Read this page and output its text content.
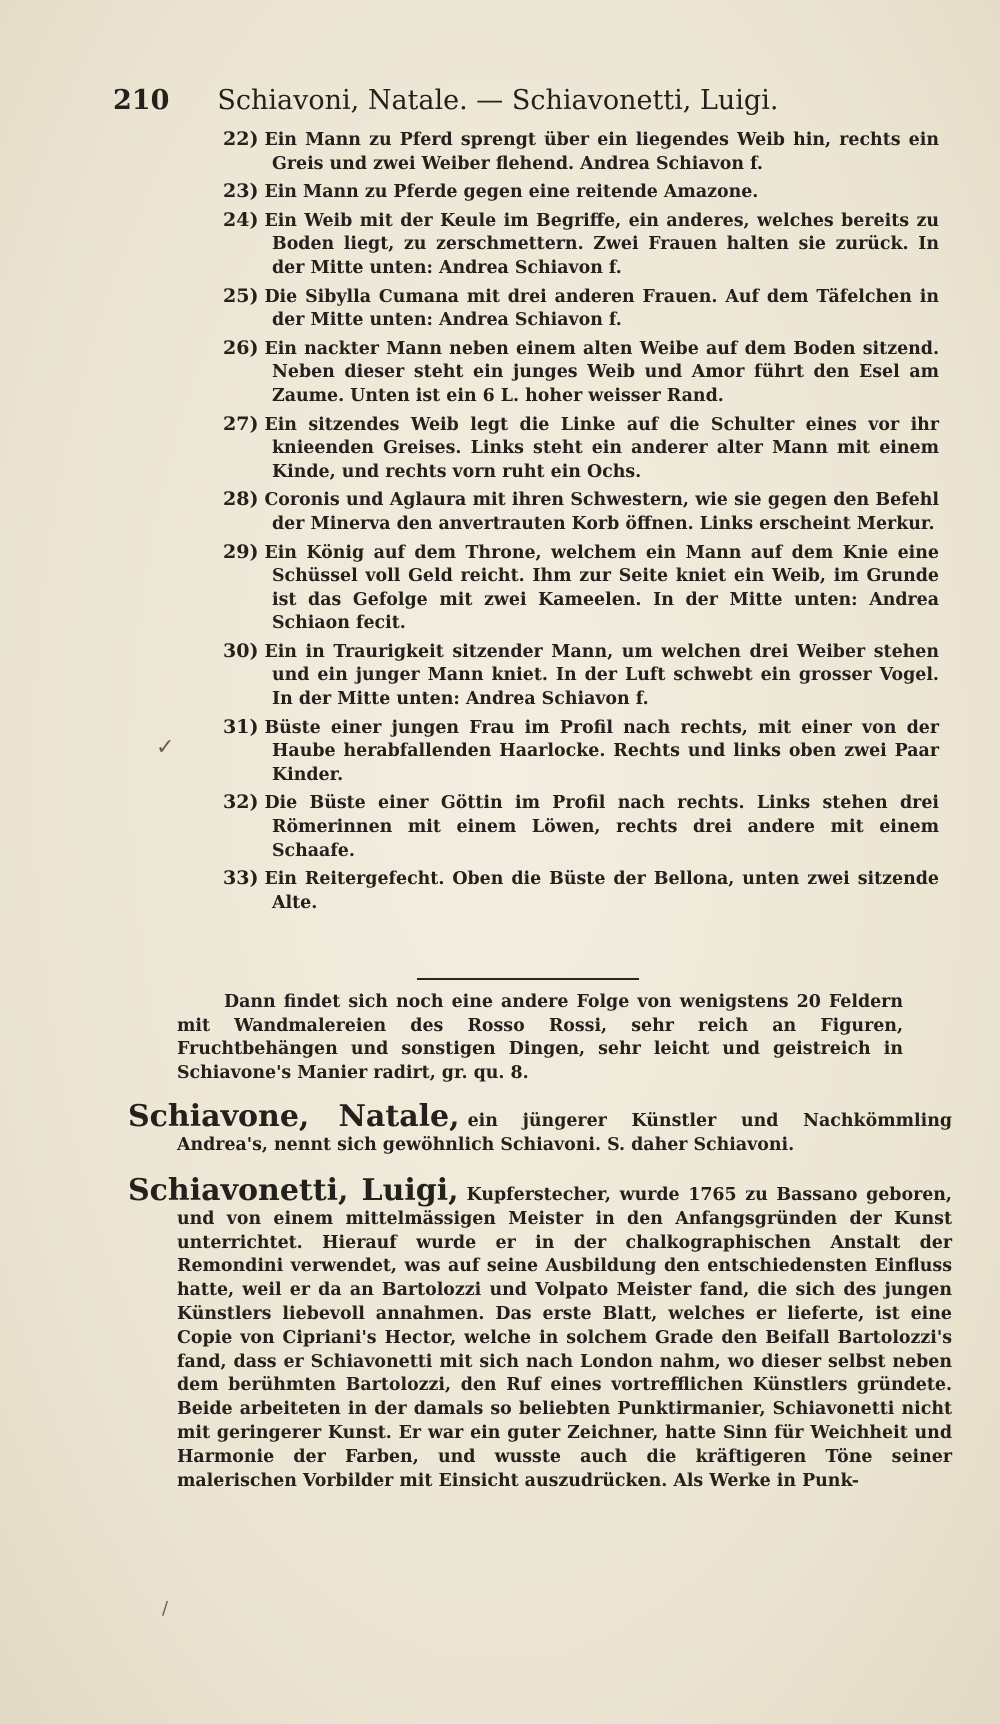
210 Schiavoni, Natale. — Schiavonetti, Luigi.
22) Ein Mann zu Pferd sprengt über ein liegendes Weib hin, rechts ein Greis und zwei Weiber flehend. Andrea Schiavon f.
23) Ein Mann zu Pferde gegen eine reitende Amazone.
24) Ein Weib mit der Keule im Begriffe, ein anderes, welches bereits zu Boden liegt, zu zerschmettern. Zwei Frauen halten sie zurück. In der Mitte unten: Andrea Schiavon f.
25) Die Sibylla Cumana mit drei anderen Frauen. Auf dem Täfelchen in der Mitte unten: Andrea Schiavon f.
26) Ein nackter Mann neben einem alten Weibe auf dem Boden sitzend. Neben dieser steht ein junges Weib und Amor führt den Esel am Zaume. Unten ist ein 6 L. hoher weisser Rand.
27) Ein sitzendes Weib legt die Linke auf die Schulter eines vor ihr knieenden Greises. Links steht ein anderer alter Mann mit einem Kinde, und rechts vorn ruht ein Ochs.
28) Coronis und Aglaura mit ihren Schwestern, wie sie gegen den Befehl der Minerva den anvertrauten Korb öffnen. Links erscheint Merkur.
29) Ein König auf dem Throne, welchem ein Mann auf dem Knie eine Schüssel voll Geld reicht. Ihm zur Seite kniet ein Weib, im Grunde ist das Gefolge mit zwei Kameelen. In der Mitte unten: Andrea Schiaon fecit.
30) Ein in Traurigkeit sitzender Mann, um welchen drei Weiber stehen und ein junger Mann kniet. In der Luft schwebt ein grosser Vogel. In der Mitte unten: Andrea Schiavon f.
31) Büste einer jungen Frau im Profil nach rechts, mit einer von der Haube herabfallenden Haarlocke. Rechts und links oben zwei Paar Kinder.
32) Die Büste einer Göttin im Profil nach rechts. Links stehen drei Römerinnen mit einem Löwen, rechts drei andere mit einem Schaafe.
33) Ein Reitergefecht. Oben die Büste der Bellona, unten zwei sitzende Alte.
Dann findet sich noch eine andere Folge von wenigstens 20 Feldern mit Wandmalereien des Rosso Rossi, sehr reich an Figuren, Fruchtbehängen und sonstigen Dingen, sehr leicht und geistreich in Schiavone's Manier radirt, gr. qu. 8.
Schiavone, Natale, ein jüngerer Künstler und Nachkömmling Andrea's, nennt sich gewöhnlich Schiavoni. S. daher Schiavoni.
Schiavonetti, Luigi, Kupferstecher, wurde 1765 zu Bassano geboren, und von einem mittelmässigen Meister in den Anfangsgründen der Kunst unterrichtet. Hierauf wurde er in der chalkographischen Anstalt der Remondini verwendet, was auf seine Ausbildung den entschiedensten Einfluss hatte, weil er da an Bartolozzi und Volpato Meister fand, die sich des jungen Künstlers liebevoll annahmen. Das erste Blatt, welches er lieferte, ist eine Copie von Cipriani's Hector, welche in solchem Grade den Beifall Bartolozzi's fand, dass er Schiavonetti mit sich nach London nahm, wo dieser selbst neben dem berühmten Bartolozzi, den Ruf eines vortrefflichen Künstlers gründete. Beide arbeiteten in der damals so beliebten Punktirmanier, Schiavonetti nicht mit geringerer Kunst. Er war ein guter Zeichner, hatte Sinn für Weichheit und Harmonie der Farben, und wusste auch die kräftigeren Töne seiner malerischen Vorbilder mit Einsicht auszudrücken. Als Werke in Punk-
✓
/
